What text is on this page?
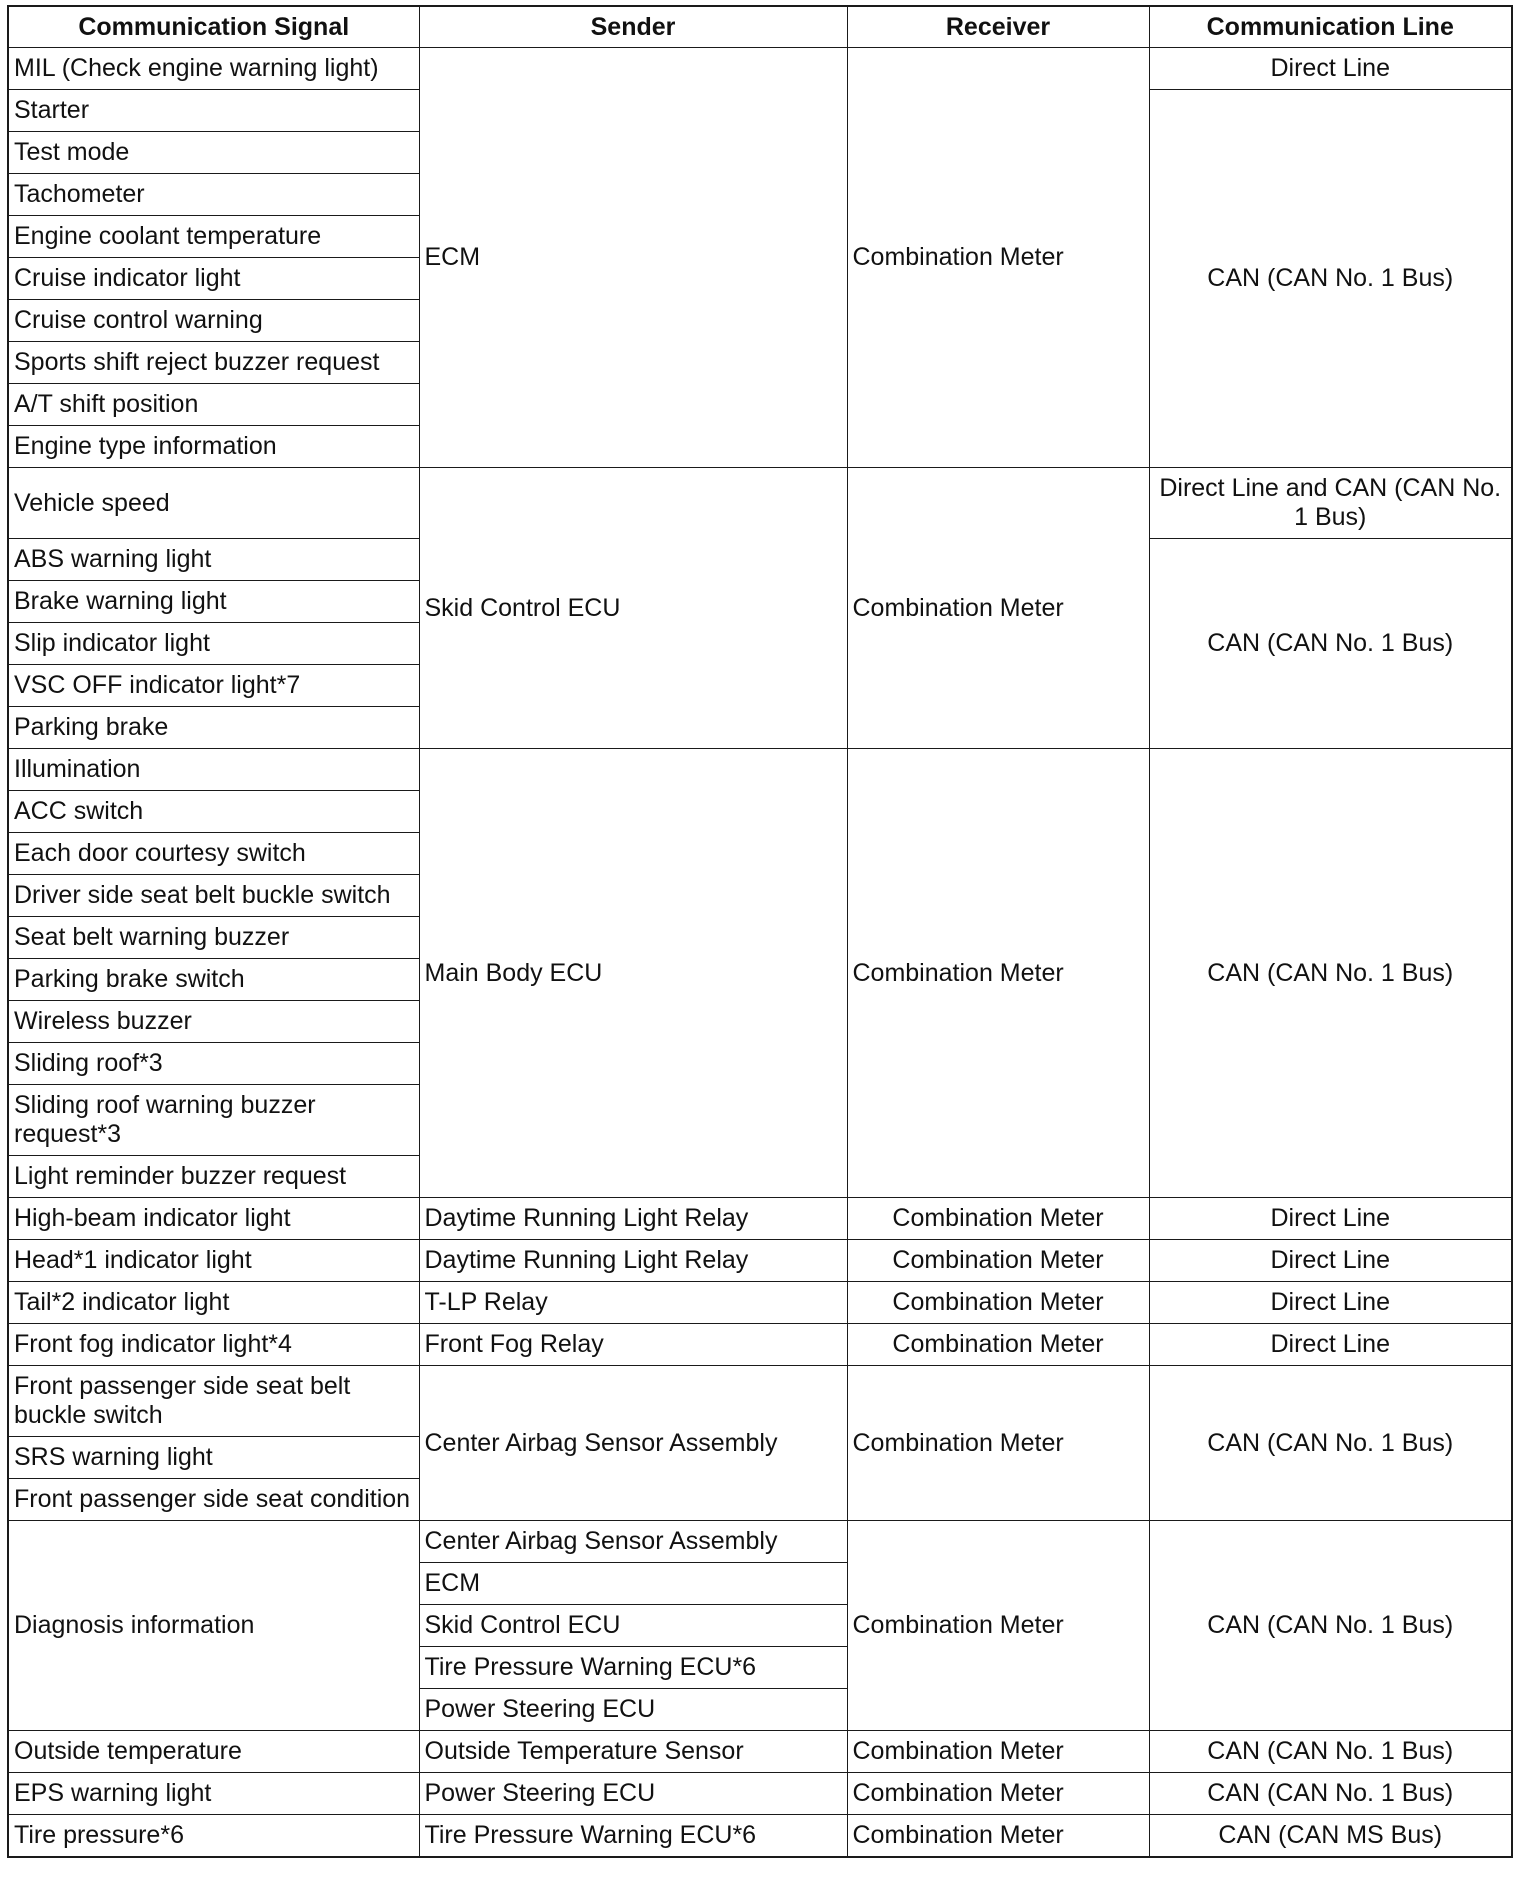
Communication Signal	Sender	Receiver	Communication Line
MIL (Check engine warning light)	ECM	Combination Meter	Direct Line
Starter			CAN (CAN No. 1 Bus)
Test mode			
Tachometer			
Engine coolant temperature			
Cruise indicator light			
Cruise control warning			
Sports shift reject buzzer request			
A/T shift position			
Engine type information			
Vehicle speed	Skid Control ECU	Combination Meter	Direct Line and CAN (CAN No. 1 Bus)
ABS warning light			CAN (CAN No. 1 Bus)
Brake warning light			
Slip indicator light			
VSC OFF indicator light*7			
Parking brake			
Illumination	Main Body ECU	Combination Meter	CAN (CAN No. 1 Bus)
ACC switch			
Each door courtesy switch			
Driver side seat belt buckle switch			
Seat belt warning buzzer			
Parking brake switch			
Wireless buzzer			
Sliding roof*3			
Sliding roof warning buzzer request*3			
Light reminder buzzer request			
High-beam indicator light	Daytime Running Light Relay	Combination Meter	Direct Line
Head*1 indicator light	Daytime Running Light Relay	Combination Meter	Direct Line
Tail*2 indicator light	T-LP Relay	Combination Meter	Direct Line
Front fog indicator light*4	Front Fog Relay	Combination Meter	Direct Line
Front passenger side seat belt buckle switch	Center Airbag Sensor Assembly	Combination Meter	CAN (CAN No. 1 Bus)
SRS warning light			
Front passenger side seat condition			
Diagnosis information	Center Airbag Sensor Assembly	Combination Meter	CAN (CAN No. 1 Bus)
	ECM		
	Skid Control ECU		
	Tire Pressure Warning ECU*6		
	Power Steering ECU		
Outside temperature	Outside Temperature Sensor	Combination Meter	CAN (CAN No. 1 Bus)
EPS warning light	Power Steering ECU	Combination Meter	CAN (CAN No. 1 Bus)
Tire pressure*6	Tire Pressure Warning ECU*6	Combination Meter	CAN (CAN MS Bus)
